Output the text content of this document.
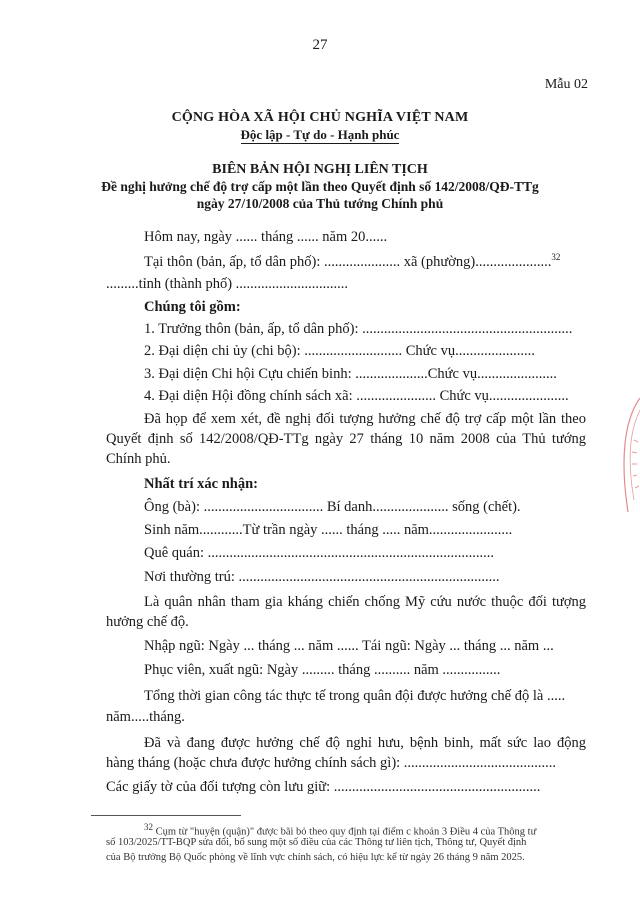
27
Mẫu 02
CỘNG HÒA XÃ HỘI CHỦ NGHĨA VIỆT NAM
Độc lập - Tự do - Hạnh phúc
BIÊN BẢN HỘI NGHỊ LIÊN TỊCH
Đề nghị hưởng chế độ trợ cấp một lần theo Quyết định số 142/2008/QĐ-TTg
ngày 27/10/2008 của Thủ tướng Chính phủ
Hôm nay, ngày ...... tháng ...... năm 20......
Tại thôn (bản, ấp, tổ dân phố): ..................... xã (phường).....................$^{32}$
.........tỉnh (thành phố) ...............................
Chúng tôi gồm:
1. Trưởng thôn (bản, ấp, tổ dân phố): ..........................................................
2. Đại diện chi ủy (chi bộ): ........................... Chức vụ......................
3. Đại diện Chi hội Cựu chiến binh: ....................Chức vụ......................
4. Đại diện Hội đồng chính sách xã: ...................... Chức vụ......................
Đã họp để xem xét, đề nghị đối tượng hưởng chế độ trợ cấp một lần theo
Quyết định số 142/2008/QĐ-TTg ngày 27 tháng 10 năm 2008 của Thủ tướng
Chính phủ.
Nhất trí xác nhận:
Ông (bà): ................................. Bí danh..................... sống (chết).
Sinh năm............Từ trần ngày ...... tháng ..... năm.......................
Quê quán: ...............................................................................
Nơi thường trú: ........................................................................
Là quân nhân tham gia kháng chiến chống Mỹ cứu nước thuộc đối tượng
hưởng chế độ.
Nhập ngũ: Ngày ... tháng ... năm ...... Tái ngũ: Ngày ... tháng ... năm ...
Phục viên, xuất ngũ: Ngày ......... tháng .......... năm ................
Tổng thời gian công tác thực tế trong quân đội được hưởng chế độ là .....
năm.....tháng.
Đã và đang được hưởng chế độ nghỉ hưu, bệnh binh, mất sức lao động
hàng tháng (hoặc chưa được hưởng chính sách gì): ..........................................
Các giấy tờ của đối tượng còn lưu giữ: .........................................................
32 Cụm từ "huyện (quận)" được bãi bỏ theo quy định tại điểm c khoản 3 Điều 4 của Thông tư
số 103/2025/TT-BQP sửa đổi, bổ sung một số điều của các Thông tư liên tịch, Thông tư, Quyết định
của Bộ trưởng Bộ Quốc phòng về lĩnh vực chính sách, có hiệu lực kể từ ngày 26 tháng 9 năm 2025.
